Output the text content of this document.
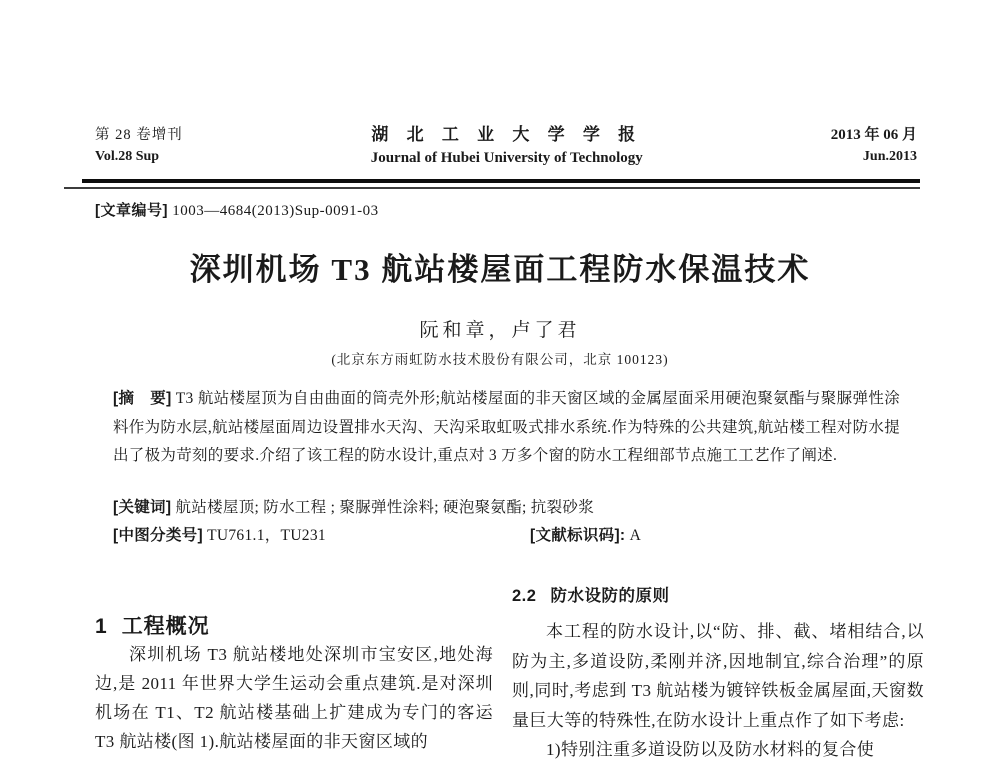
第 28 卷增刊
Vol.28 Sup
湖 北 工 业 大 学 学 报
Journal of Hubei University of Technology
2013 年 06 月
Jun.2013
[文章编号] 1003—4684(2013)Sup-0091-03
深圳机场 T3 航站楼屋面工程防水保温技术
阮和章，卢了君
(北京东方雨虹防水技术股份有限公司，北京 100123)
[摘　要] T3 航站楼屋顶为自由曲面的筒壳外形;航站楼屋面的非天窗区域的金属屋面采用硬泡聚氨酯与聚脲弹性涂料作为防水层,航站楼屋面周边设置排水天沟、天沟采取虹吸式排水系统.作为特殊的公共建筑,航站楼工程对防水提出了极为苛刻的要求.介绍了该工程的防水设计,重点对 3 万多个窗的防水工程细部节点施工工艺作了阐述.
[关键词] 航站楼屋顶; 防水工程 ; 聚脲弹性涂料; 硬泡聚氨酯; 抗裂砂浆
[中图分类号] TU761.1，TU231	[文献标识码]: A
1 工程概况

深圳机场 T3 航站楼地处深圳市宝安区,地处海边,是 2011 年世界大学生运动会重点建筑.是对深圳机场在 T1、T2 航站楼基础上扩建成为专门的客运 T3 航站楼(图 1).航站楼屋面的非天窗区域的

2.2 防水设防的原则

本工程的防水设计,以“防、排、截、堵相结合,以防为主,多道设防,柔刚并济,因地制宜,综合治理”的原则,同时,考虑到 T3 航站楼为镀锌铁板金属屋面,天窗数量巨大等的特殊性,在防水设计上重点作了如下考虑:

1)特别注重多道设防以及防水材料的复合使
